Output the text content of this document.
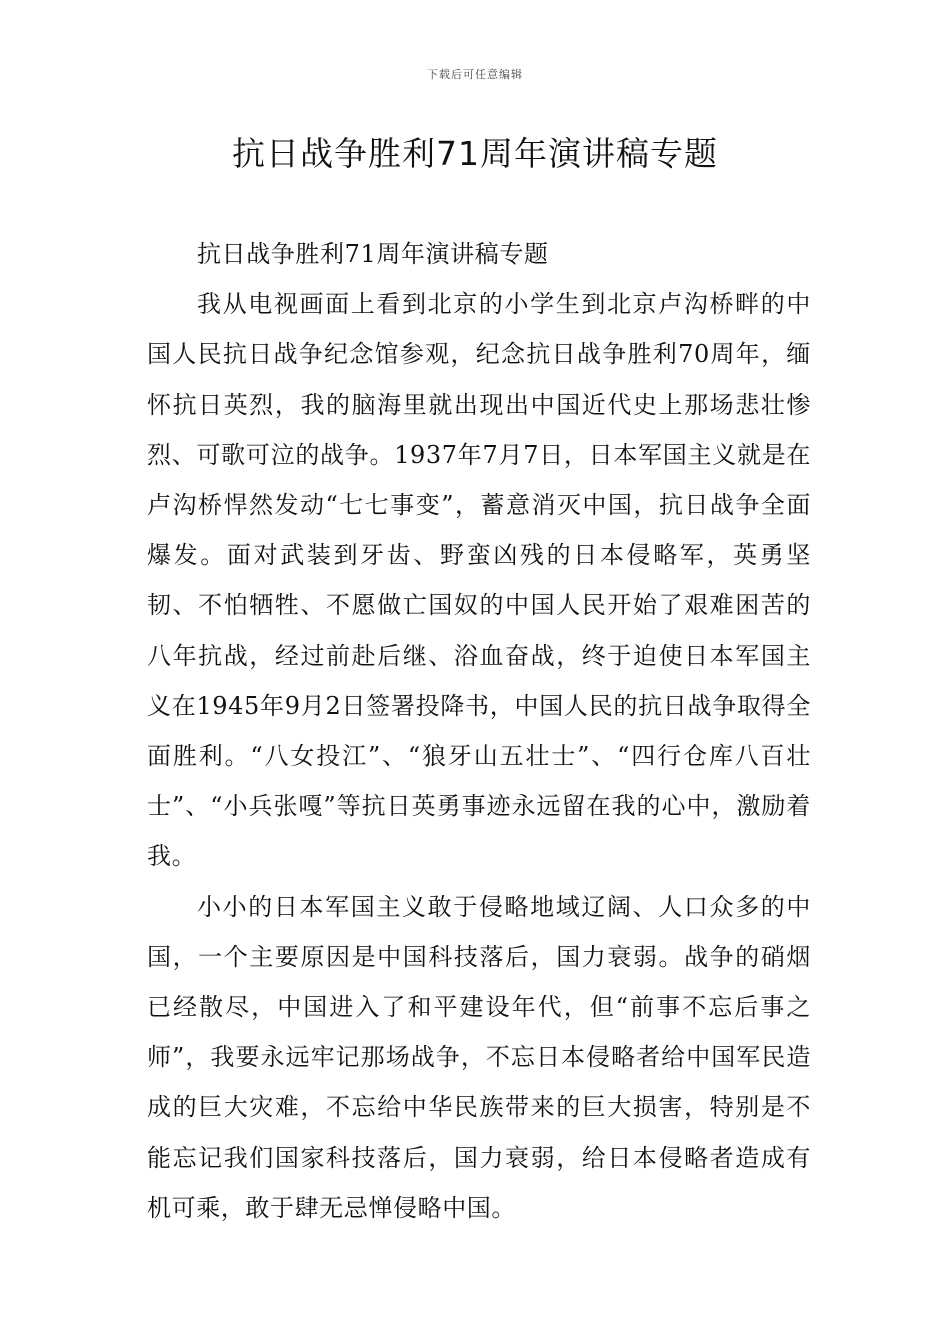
下载后可任意编辑
抗日战争胜利71周年演讲稿专题

抗日战争胜利71周年演讲稿专题

我从电视画面上看到北京的小学生到北京卢沟桥畔的中国人民抗日战争纪念馆参观，纪念抗日战争胜利70周年，缅怀抗日英烈，我的脑海里就出现出中国近代史上那场悲壮惨烈、可歌可泣的战争。1937年7月7日，日本军国主义就是在卢沟桥悍然发动“七七事变”，蓄意消灭中国，抗日战争全面爆发。面对武装到牙齿、野蛮凶残的日本侵略军，英勇坚韧、不怕牺牲、不愿做亡国奴的中国人民开始了艰难困苦的八年抗战，经过前赴后继、浴血奋战，终于迫使日本军国主义在1945年9月2日签署投降书，中国人民的抗日战争取得全面胜利。“八女投江”、“狼牙山五壮士”、“四行仓库八百壮士”、“小兵张嘎”等抗日英勇事迹永远留在我的心中，激励着我。

小小的日本军国主义敢于侵略地域辽阔、人口众多的中国，一个主要原因是中国科技落后，国力衰弱。战争的硝烟已经散尽，中国进入了和平建设年代，但“前事不忘后事之师”，我要永远牢记那场战争，不忘日本侵略者给中国军民造成的巨大灾难，不忘给中华民族带来的巨大损害，特别是不能忘记我们国家科技落后，国力衰弱，给日本侵略者造成有机可乘，敢于肆无忌惮侵略中国。
